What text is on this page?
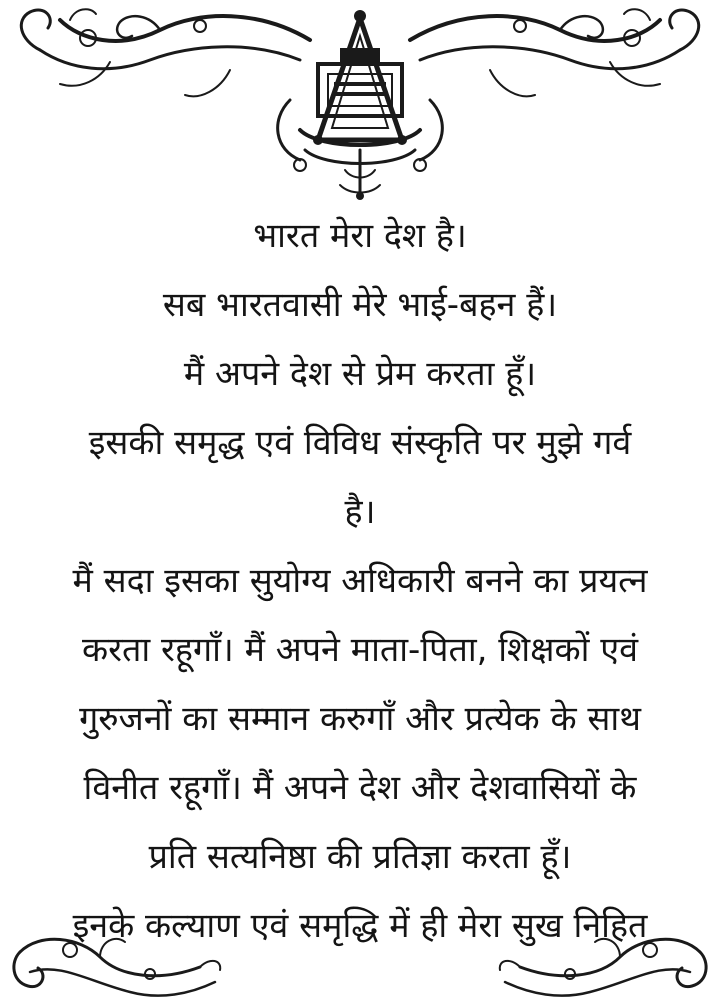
भारत मेरा देश है।

सब भारतवासी मेरे भाई-बहन हैं।

मैं अपने देश से प्रेम करता हूँ।

इसकी समृद्ध एवं विविध संस्कृति पर मुझे गर्व

है।

मैं सदा इसका सुयोग्य अधिकारी बनने का प्रयत्न

करता रहूगाँ। मैं अपने माता-पिता, शिक्षकों एवं

गुरुजनों का सम्मान करुगाँ और प्रत्येक के साथ

विनीत रहूगाँ। मैं अपने देश और देशवासियों के

प्रति सत्यनिष्ठा की प्रतिज्ञा करता हूँ।

इनके कल्याण एवं समृद्धि में ही मेरा सुख निहित
